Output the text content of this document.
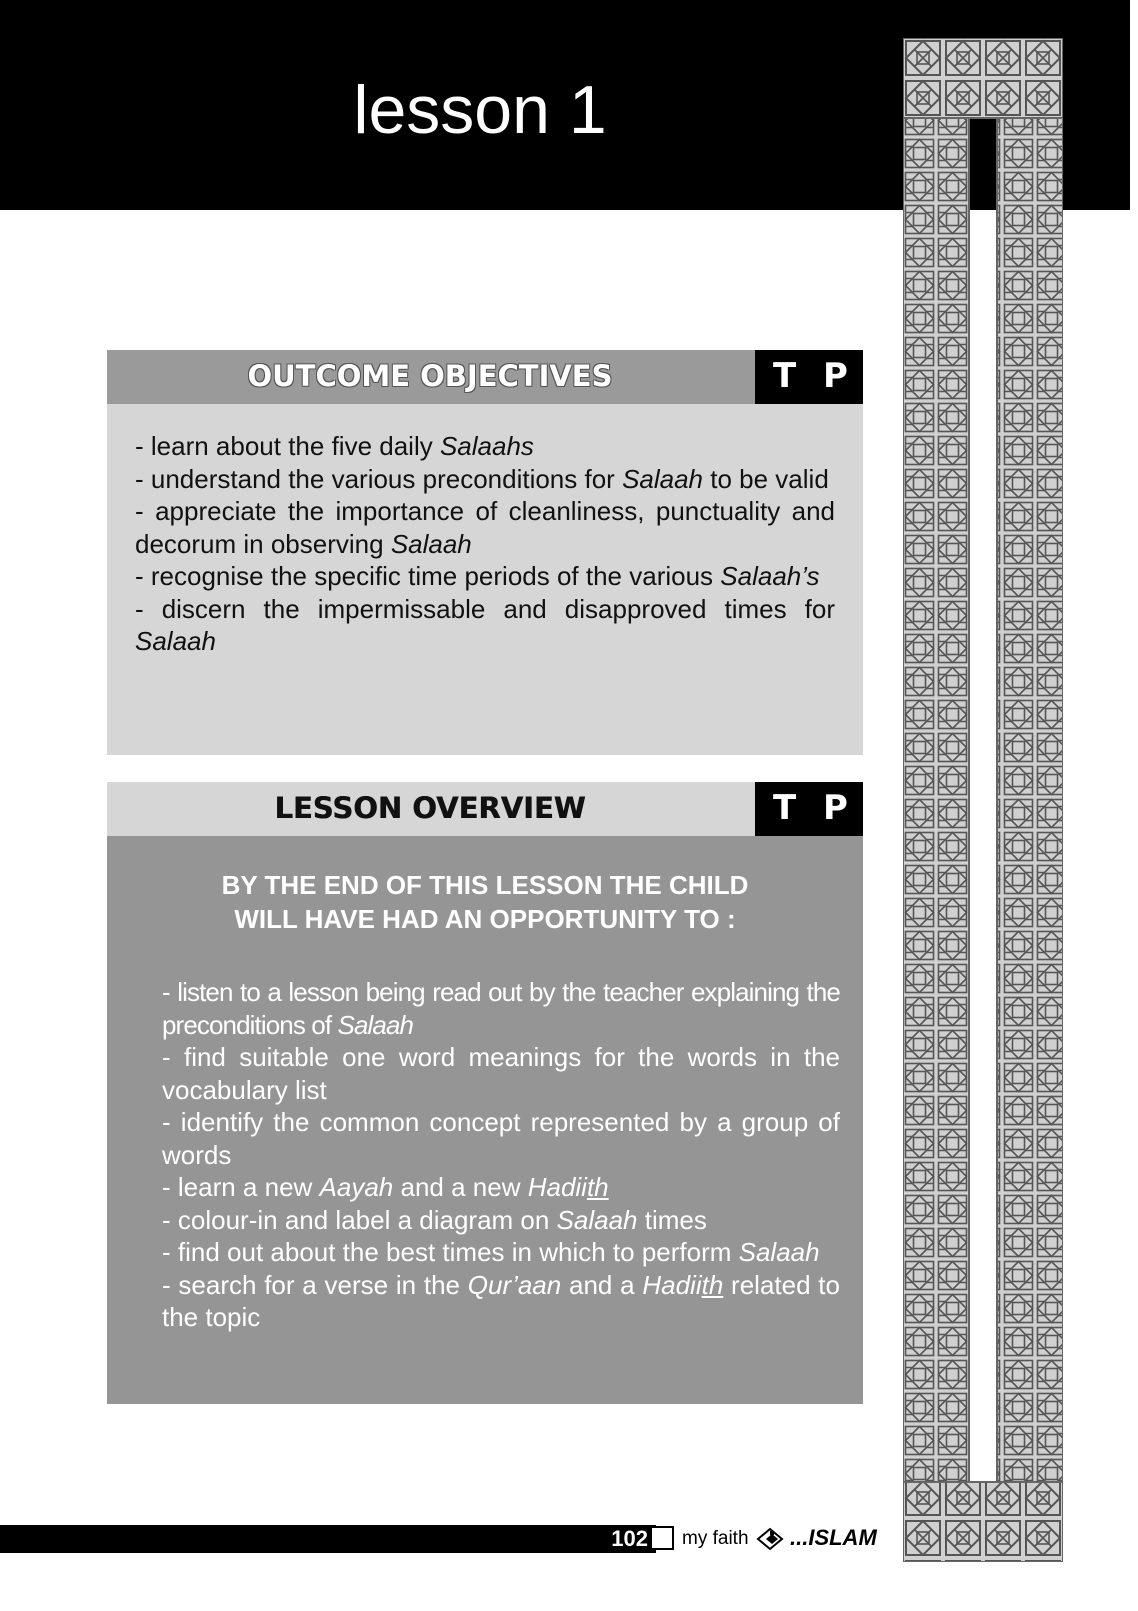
lesson 1
OUTCOME OBJECTIVES	T P
- learn about the five daily Salaahs
- understand the various preconditions for Salaah to be valid
- appreciate the importance of cleanliness, punctuality and decorum in observing Salaah
- recognise the specific time periods of the various Salaah’s
- discern the impermissable and disapproved times for Salaah
LESSON OVERVIEW	T P
BY THE END OF THIS LESSON THE CHILD
WILL HAVE HAD AN OPPORTUNITY TO :
- listen to a lesson being read out by the teacher explaining the preconditions of Salaah
- find suitable one word meanings for the words in the vocabulary list
- identify the common concept represented by a group of words
- learn a new Aayah and a new Hadiith
- colour-in and label a diagram on Salaah times
- find out about the best times in which to perform Salaah
- search for a verse in the Qur’aan and a Hadiith related to the topic
102 my faith ...ISLAM
